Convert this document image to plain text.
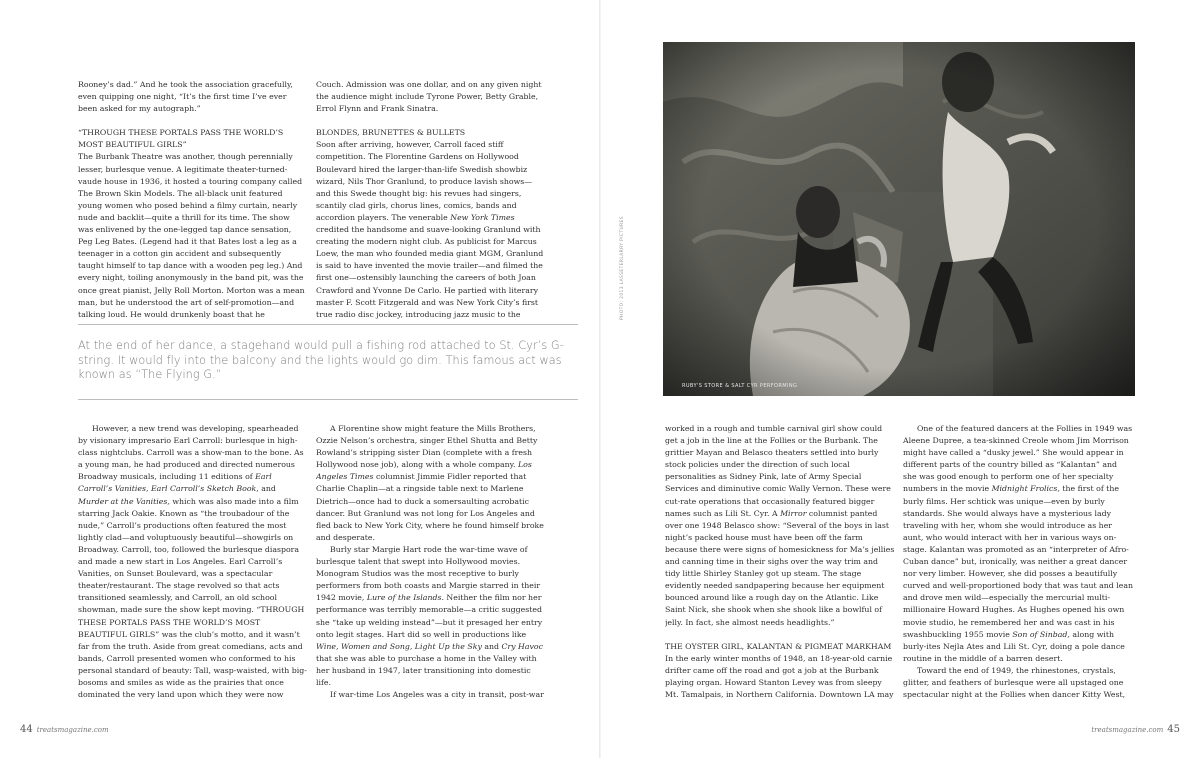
Rooney’s dad.” And he took the association gracefully, even quipping one night, “It’s the first time I’ve ever been asked for my autograph.”

“THROUGH THESE PORTALS PASS THE WORLD’S MOST BEAUTIFUL GIRLS”

The Burbank Theatre was another, though perennially lesser, burlesque venue. A legitimate theater-turned-vaude house in 1936, it hosted a touring company called The Brown Skin Models. The all-black unit featured young women who posed behind a filmy curtain, nearly nude and backlit—quite a thrill for its time. The show was enlivened by the one-legged tap dance sensation, Peg Leg Bates. (Legend had it that Bates lost a leg as a teenager in a cotton gin accident and subsequently taught himself to tap dance with a wooden peg leg.) And every night, toiling anonymously in the band pit, was the once great pianist, Jelly Roll Morton. Morton was a mean man, but he understood the art of self-promotion—and talking loud. He would drunkenly boast that he

Couch. Admission was one dollar, and on any given night the audience might include Tyrone Power, Betty Grable, Errol Flynn and Frank Sinatra.

BLONDES, BRUNETTES & BULLETS

Soon after arriving, however, Carroll faced stiff competition. The Florentine Gardens on Hollywood Boulevard hired the larger-than-life Swedish showbiz wizard, Nils Thor Granlund, to produce lavish shows—and this Swede thought big: his revues had singers, scantily clad girls, chorus lines, comics, bands and accordion players. The venerable New York Times credited the handsome and suave-looking Granlund with creating the modern night club. As publicist for Marcus Loew, the man who founded media giant MGM, Granlund is said to have invented the movie trailer—and filmed the first one—ostensibly launching the careers of both Joan Crawford and Yvonne De Carlo. He partied with literary master F. Scott Fitzgerald and was New York City’s first true radio disc jockey, introducing jazz music to the

At the end of her dance, a stagehand would pull a fishing rod attached to St. Cyr’s G-string. It would fly into the balcony and the lights would go dim. This famous act was known as “The Flying G.”

However, a new trend was developing, spearheaded by visionary impresario Earl Carroll: burlesque in high-class nightclubs. Carroll was a show-man to the bone. As a young man, he had produced and directed numerous Broadway musicals, including 11 editions of Earl Carroll’s Vanities, Earl Carroll’s Sketch Book, and Murder at the Vanities, which was also made into a film starring Jack Oakie. Known as “the troubadour of the nude,” Carroll’s productions often featured the most lightly clad—and voluptuously beautiful—showgirls on Broadway. Carroll, too, followed the burlesque diaspora and made a new start in Los Angeles. Earl Carroll’s Vanities, on Sunset Boulevard, was a spectacular theater/restaurant. The stage revolved so that acts transitioned seamlessly, and Carroll, an old school showman, made sure the show kept moving. “THROUGH THESE PORTALS PASS THE WORLD’S MOST BEAUTIFUL GIRLS” was the club’s motto, and it wasn’t far from the truth. Aside from great comedians, acts and bands, Carroll presented women who conformed to his personal standard of beauty: Tall, wasp-waisted, with big-bosoms and smiles as wide as the prairies that once dominated the very land upon which they were now

A Florentine show might feature the Mills Brothers, Ozzie Nelson’s orchestra, singer Ethel Shutta and Betty Rowland’s stripping sister Dian (complete with a fresh Hollywood nose job), along with a whole company. Los Angeles Times columnist Jimmie Fidler reported that Charlie Chaplin—at a ringside table next to Marlene Dietrich—once had to duck a somersaulting acrobatic dancer. But Granlund was not long for Los Angeles and fled back to New York City, where he found himself broke and desperate.

Burly star Margie Hart rode the war-time wave of burlesque talent that swept into Hollywood movies. Monogram Studios was the most receptive to burly performers from both coasts and Margie starred in their 1942 movie, Lure of the Islands. Neither the film nor her performance was terribly memorable—a critic suggested she “take up welding instead”—but it presaged her entry onto legit stages. Hart did so well in productions like Wine, Women and Song, Light Up the Sky and Cry Havoc that she was able to purchase a home in the Valley with her husband in 1947, later transitioning into domestic life.

If war-time Los Angeles was a city in transit, post-war

44 treatsmagazine.com
RUBY'S STORE & SALT CYR PERFORMING
PHOTO: 2013 LASSETERLARRY PICTURES

worked in a rough and tumble carnival girl show could get a job in the line at the Follies or the Burbank. The grittier Mayan and Belasco theaters settled into burly stock policies under the direction of such local personalities as Sidney Pink, late of Army Special Services and diminutive comic Wally Vernon. These were cut-rate operations that occasionally featured bigger names such as Lili St. Cyr. A Mirror columnist panted over one 1948 Belasco show: “Several of the boys in last night’s packed house must have been off the farm because there were signs of homesickness for Ma’s jellies and canning time in their sighs over the way trim and tidy little Shirley Stanley got up steam. The stage evidently needed sandpapering because her equipment bounced around like a rough day on the Atlantic. Like Saint Nick, she shook when she shook like a bowlful of jelly. In fact, she almost needs headlights.”

THE OYSTER GIRL, KALANTAN & PIGMEAT MARKHAM

In the early winter months of 1948, an 18-year-old carnie drifter came off the road and got a job at the Burbank playing organ. Howard Stanton Levey was from sleepy Mt. Tamalpais, in Northern California. Downtown LA may

One of the featured dancers at the Follies in 1949 was Aleene Dupree, a tea-skinned Creole whom Jim Morrison might have called a “dusky jewel.” She would appear in different parts of the country billed as “Kalantan” and she was good enough to perform one of her specialty numbers in the movie Midnight Frolics, the first of the burly films. Her schtick was unique—even by burly standards. She would always have a mysterious lady traveling with her, whom she would introduce as her aunt, who would interact with her in various ways on-stage. Kalantan was promoted as an “interpreter of Afro-Cuban dance” but, ironically, was neither a great dancer nor very limber. However, she did posses a beautifully curved and well-proportioned body that was taut and lean and drove men wild—especially the mercurial multi-millionaire Howard Hughes. As Hughes opened his own movie studio, he remembered her and was cast in his swashbuckling 1955 movie Son of Sinbad, along with burly-ites Nejla Ates and Lili St. Cyr, doing a pole dance routine in the middle of a barren desert.

Toward the end of 1949, the rhinestones, crystals, glitter, and feathers of burlesque were all upstaged one spectacular night at the Follies when dancer Kitty West,

treatsmagazine.com 45
